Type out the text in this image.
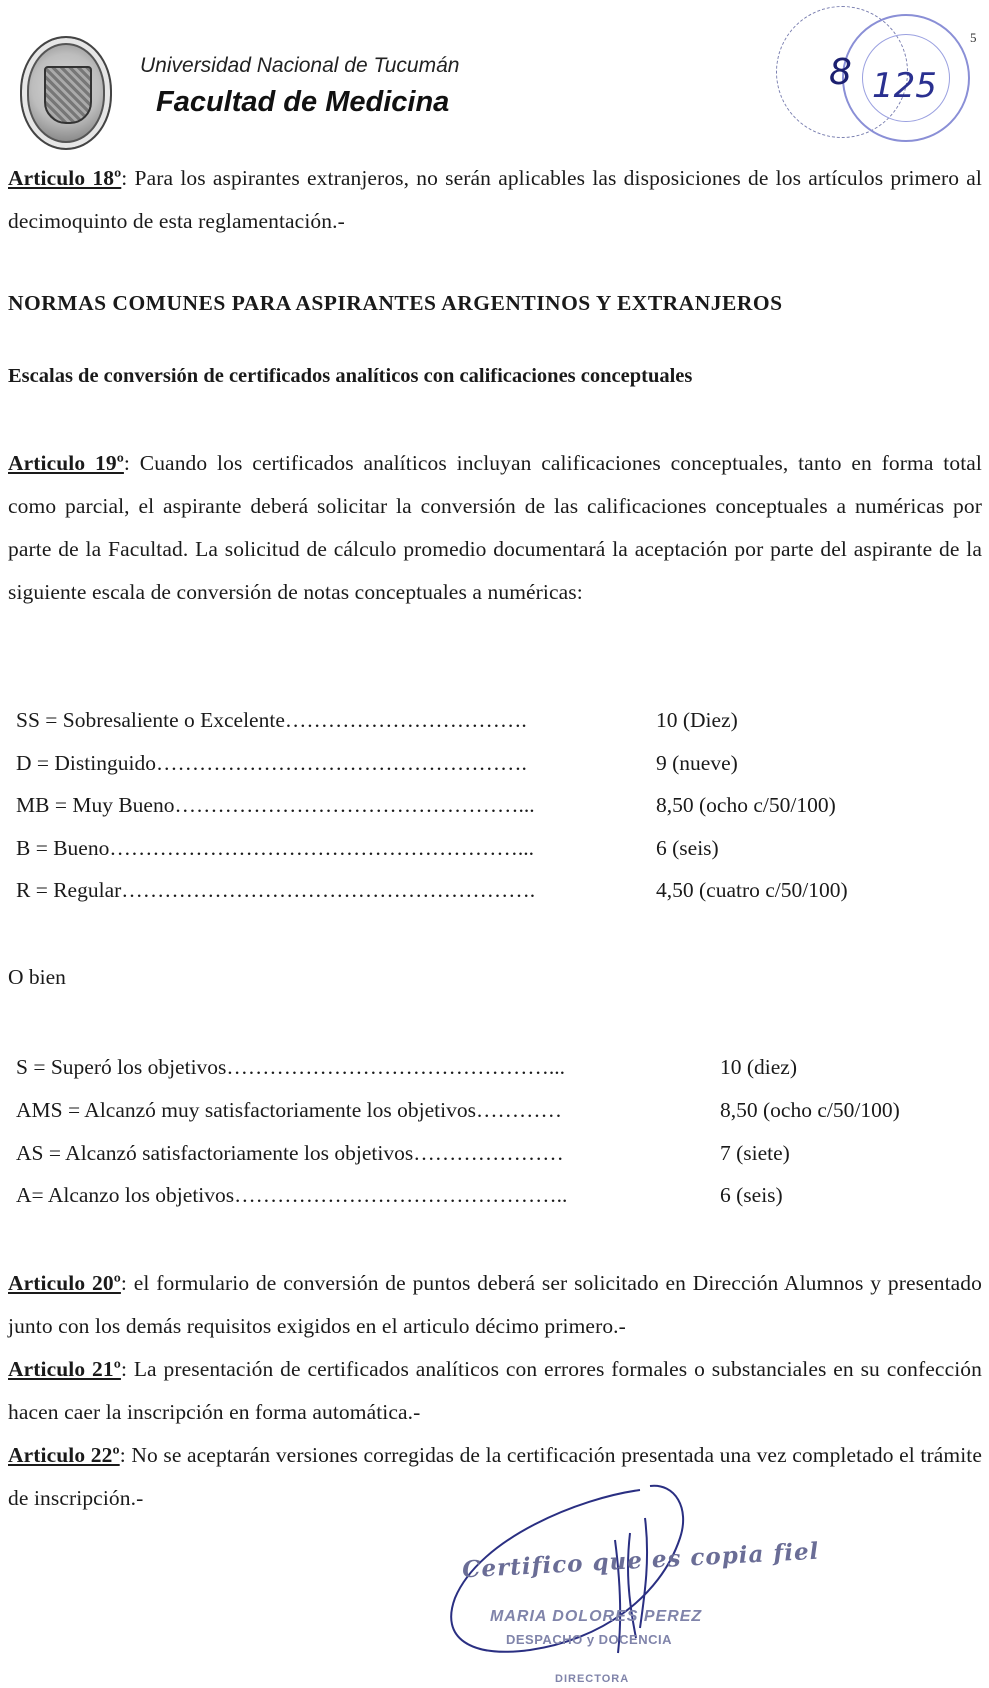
Universidad Nacional de Tucumán
Facultad de Medicina
8 125
5
Articulo 18º: Para los aspirantes extranjeros, no serán aplicables las disposiciones de los artículos primero al decimoquinto de esta reglamentación.-
NORMAS COMUNES PARA ASPIRANTES ARGENTINOS Y EXTRANJEROS
Escalas de conversión de certificados analíticos con calificaciones conceptuales
Articulo 19º: Cuando los certificados analíticos incluyan calificaciones conceptuales, tanto en forma total como parcial, el aspirante deberá solicitar la conversión de las calificaciones conceptuales a numéricas por parte de la Facultad. La solicitud de cálculo promedio documentará la aceptación por parte del aspirante de la siguiente escala de conversión de notas conceptuales a numéricas:
SS = Sobresaliente o Excelente…………………………….	10 (Diez)
D = Distinguido…………………………………………….	9 (nueve)
MB = Muy Bueno…………………………………………...	8,50 (ocho c/50/100)
B = Bueno…………………………………………………...	6 (seis)
R = Regular………………………………………………….	4,50 (cuatro c/50/100)
O bien
S = Superó los objetivos………………………………………...	10 (diez)
AMS = Alcanzó muy satisfactoriamente los objetivos…………	8,50 (ocho c/50/100)
AS = Alcanzó satisfactoriamente los objetivos…………………	7 (siete)
A= Alcanzo los objetivos………………………………………..	6 (seis)
Articulo 20º: el formulario de conversión de puntos deberá ser solicitado en Dirección Alumnos y presentado junto con los demás requisitos exigidos en el articulo décimo primero.-
Articulo 21º: La presentación de certificados analíticos con errores formales o substanciales en su confección hacen caer la inscripción en forma automática.-
Articulo 22º: No se aceptarán versiones corregidas de la certificación presentada una vez completado el trámite de inscripción.-
Certifico que es copia fiel
MARIA DOLORES PEREZ
DESPACHO y DOCENCIA
DIRECTORA
